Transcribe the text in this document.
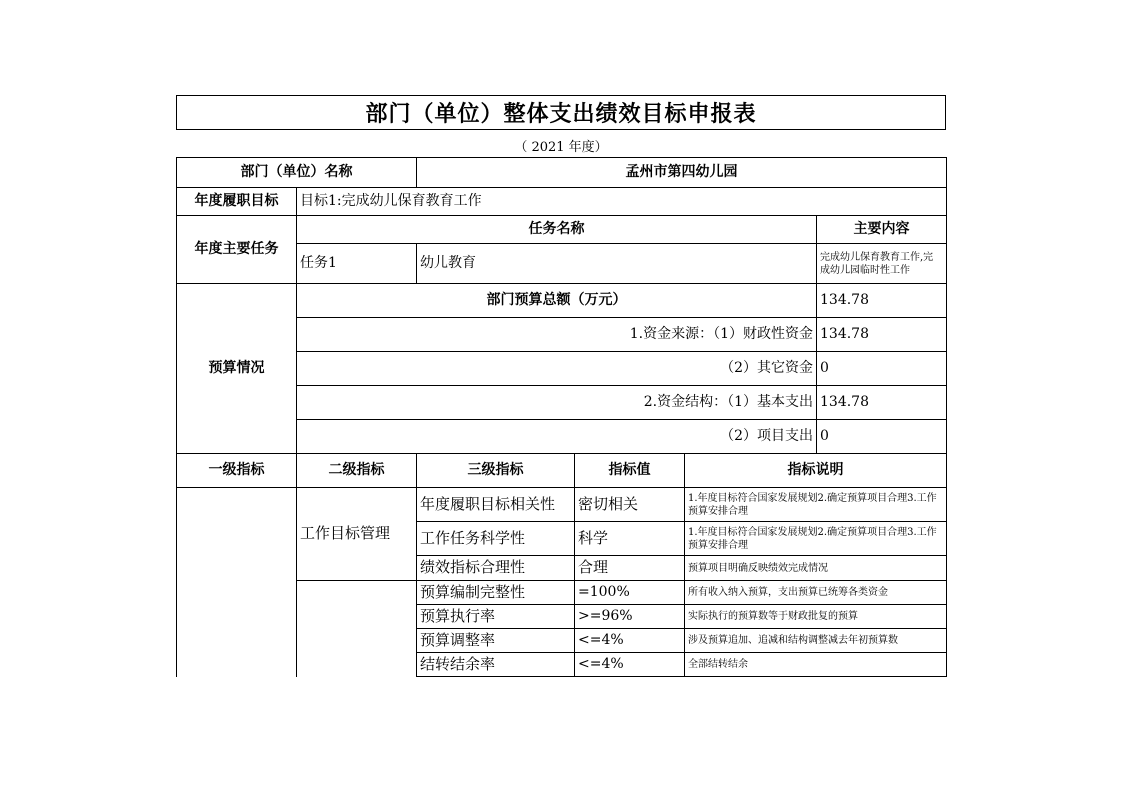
部门（单位）整体支出绩效目标申报表
（ 2021 年度）
部门（单位）名称		孟州市第四幼儿园			
年度履职目标	目标1:完成幼儿保育教育工作				
年度主要任务	任务名称				主要内容
	任务1	幼儿教育			完成幼儿保育教育工作,完成幼儿园临时性工作
预算情况	部门预算总额（万元）				134.78
	1.资金来源：（1）财政性资金				134.78
	（2）其它资金				0
	2.资金结构：（1）基本支出				134.78
	（2）项目支出				0
一级指标	二级指标	三级指标	指标值	指标说明	
	工作目标管理	年度履职目标相关性	密切相关	1.年度目标符合国家发展规划2.确定预算项目合理3.工作预算安排合理	
		工作任务科学性	科学	1.年度目标符合国家发展规划2.确定预算项目合理3.工作预算安排合理	
		绩效指标合理性	合理	预算项目明确反映绩效完成情况	
		预算编制完整性	=100%	所有收入纳入预算，支出预算已统筹各类资金	
		预算执行率	>=96%	实际执行的预算数等于财政批复的预算	
		预算调整率	<=4%	涉及预算追加、追减和结构调整减去年初预算数	
		结转结余率	<=4%	全部结转结余	
